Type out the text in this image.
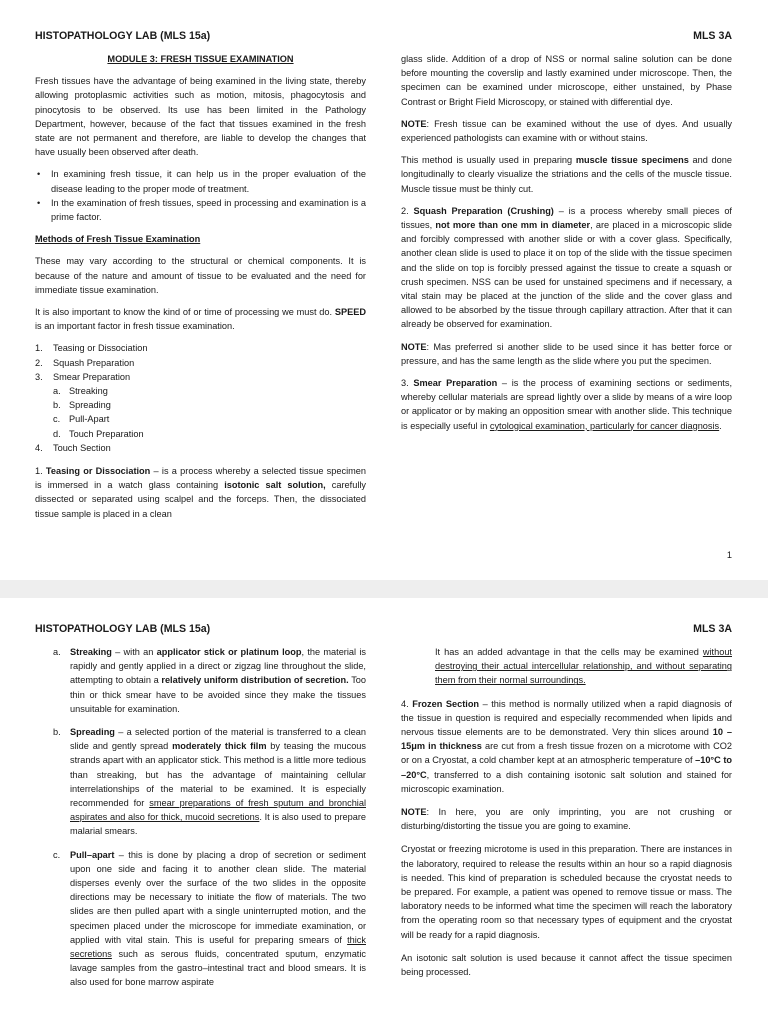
HISTOPATHOLOGY LAB (MLS 15a)	MLS 3A

MODULE 3: FRESH TISSUE EXAMINATION

Fresh tissues have the advantage of being examined in the living state, thereby allowing protoplasmic activities such as motion, mitosis, phagocytosis and pinocytosis to be observed. Its use has been limited in the Pathology Department, however, because of the fact that tissues examined in the fresh state are not permanent and therefore, are liable to develop the changes that have usually been observed after death.

• In examining fresh tissue, it can help us in the proper evaluation of the disease leading to the proper mode of treatment.
• In the examination of fresh tissues, speed in processing and examination is a prime factor.

Methods of Fresh Tissue Examination

These may vary according to the structural or chemical components. It is because of the nature and amount of tissue to be evaluated and the need for immediate tissue examination.

It is also important to know the kind of or time of processing we must do. SPEED is an important factor in fresh tissue examination.

1. Teasing or Dissociation
2. Squash Preparation
3. Smear Preparation
a. Streaking
b. Spreading
c. Pull-Apart
d. Touch Preparation
4. Touch Section

1. Teasing or Dissociation – is a process whereby a selected tissue specimen is immersed in a watch glass containing isotonic salt solution, carefully dissected or separated using scalpel and the forceps. Then, the dissociated tissue sample is placed in a clean

glass slide. Addition of a drop of NSS or normal saline solution can be done before mounting the coverslip and lastly examined under microscope. Then, the specimen can be examined under microscope, either unstained, by Phase Contrast or Bright Field Microscopy, or stained with differential dye.

NOTE: Fresh tissue can be examined without the use of dyes. And usually experienced pathologists can examine with or without stains.

This method is usually used in preparing muscle tissue specimens and done longitudinally to clearly visualize the striations and the cells of the muscle tissue. Muscle tissue must be thinly cut.

2. Squash Preparation (Crushing) – is a process whereby small pieces of tissues, not more than one mm in diameter, are placed in a microscopic slide and forcibly compressed with another slide or with a cover glass. Specifically, another clean slide is used to place it on top of the slide with the tissue specimen and the slide on top is forcibly pressed against the tissue to create a squash or crush specimen. NSS can be used for unstained specimens and if necessary, a vital stain may be placed at the junction of the slide and the cover glass and allowed to be absorbed by the tissue through capillary attraction. After that it can already be observed for examination.

NOTE: Mas preferred si another slide to be used since it has better force or pressure, and has the same length as the slide where you put the specimen.

3. Smear Preparation – is the process of examining sections or sediments, whereby cellular materials are spread lightly over a slide by means of a wire loop or applicator or by making an opposition smear with another slide. This technique is especially useful in cytological examination, particularly for cancer diagnosis.

1

HISTOPATHOLOGY LAB (MLS 15a)	MLS 3A

a. Streaking – with an applicator stick or platinum loop, the material is rapidly and gently applied in a direct or zigzag line throughout the slide, attempting to obtain a relatively uniform distribution of secretion. Too thin or thick smear have to be avoided since they make the tissues unsuitable for examination.
b. Spreading – a selected portion of the material is transferred to a clean slide and gently spread moderately thick film by teasing the mucous strands apart with an applicator stick. This method is a little more tedious than streaking, but has the advantage of maintaining cellular interrelationships of the material to be examined. It is especially recommended for smear preparations of fresh sputum and bronchial aspirates and also for thick, mucoid secretions. It is also used to prepare malarial smears.
c. Pull–apart – this is done by placing a drop of secretion or sediment upon one side and facing it to another clean slide. The material disperses evenly over the surface of the two slides in the opposite directions may be necessary to initiate the flow of materials. The two slides are then pulled apart with a single uninterrupted motion, and the specimen placed under the microscope for immediate examination, or applied with vital stain. This is useful for preparing smears of thick secretions such as serous fluids, concentrated sputum, enzymatic lavage samples from the gastro–intestinal tract and blood smears. It is also used for bone marrow aspirate

It has an added advantage in that the cells may be examined without destroying their actual intercellular relationship, and without separating them from their normal surroundings.

4. Frozen Section – this method is normally utilized when a rapid diagnosis of the tissue in question is required and especially recommended when lipids and nervous tissue elements are to be demonstrated. Very thin slices around 10 – 15μm in thickness are cut from a fresh tissue frozen on a microtome with CO2 or on a Cryostat, a cold chamber kept at an atmospheric temperature of –10°C to –20°C, transferred to a dish containing isotonic salt solution and stained for microscopic examination.

NOTE: In here, you are only imprinting, you are not crushing or disturbing/distorting the tissue you are going to examine.

Cryostat or freezing microtome is used in this preparation. There are instances in the laboratory, required to release the results within an hour so a rapid diagnosis is needed. This kind of preparation is scheduled because the cryostat needs to be prepared. For example, a patient was opened to remove tissue or mass. The laboratory needs to be informed what time the specimen will reach the laboratory from the operating room so that necessary types of equipment and the cryostat will be ready for a rapid diagnosis.

An isotonic salt solution is used because it cannot affect the tissue specimen being processed.
